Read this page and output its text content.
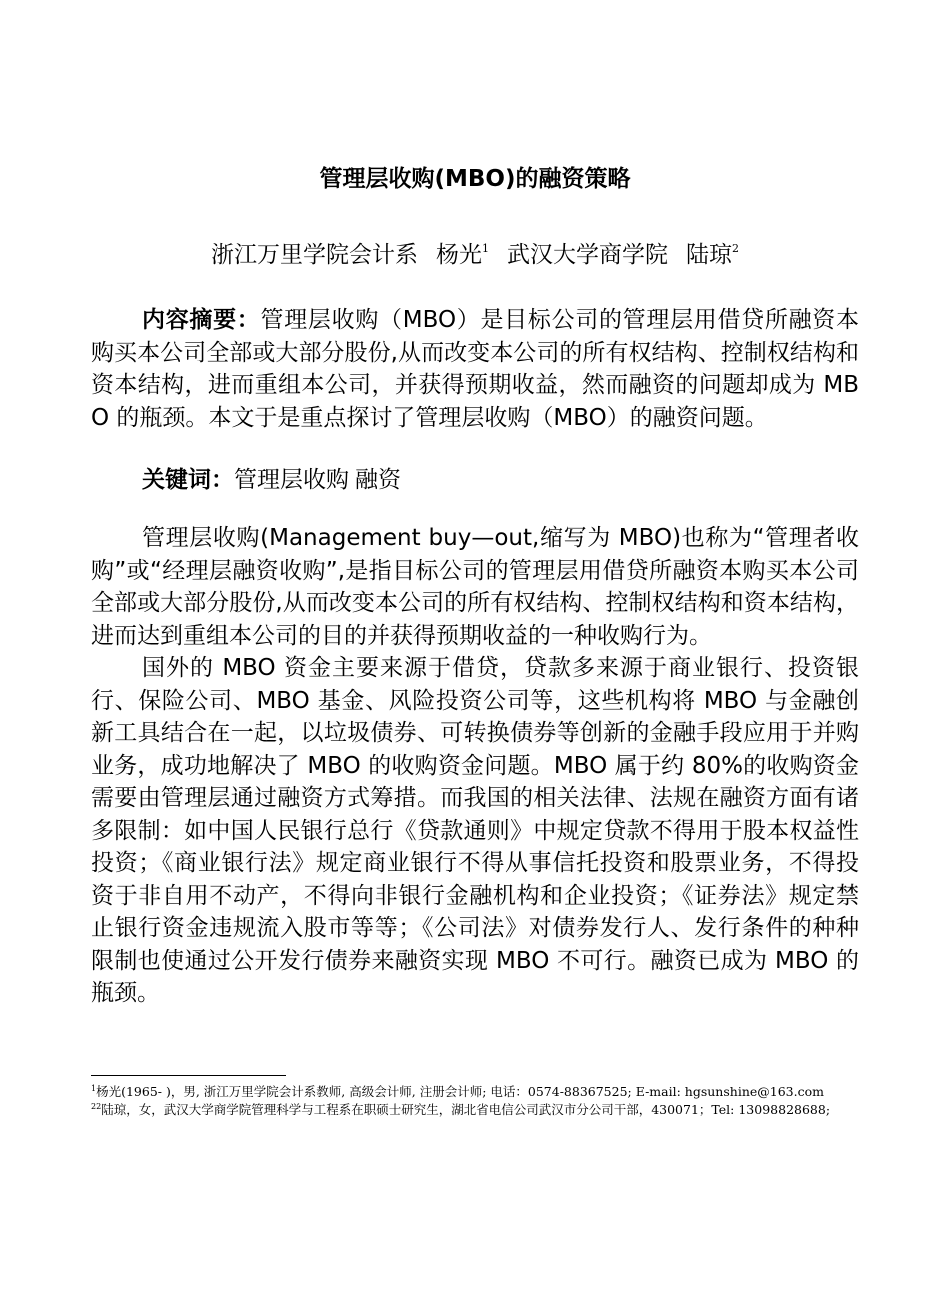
管理层收购(MBO)的融资策略
浙江万里学院会计系 杨光$^1$ 武汉大学商学院 陆琼$^2$

内容摘要：管理层收购（MBO）是目标公司的管理层用借贷所融资本购买本公司全部或大部分股份,从而改变本公司的所有权结构、控制权结构和资本结构，进而重组本公司，并获得预期收益，然而融资的问题却成为 MBO 的瓶颈。本文于是重点探讨了管理层收购（MBO）的融资问题。

关键词：管理层收购 融资

管理层收购(Management buy—out,缩写为 MBO)也称为“管理者收购”或“经理层融资收购”,是指目标公司的管理层用借贷所融资本购买本公司全部或大部分股份,从而改变本公司的所有权结构、控制权结构和资本结构，进而达到重组本公司的目的并获得预期收益的一种收购行为。

国外的 MBO 资金主要来源于借贷，贷款多来源于商业银行、投资银行、保险公司、MBO 基金、风险投资公司等，这些机构将 MBO 与金融创新工具结合在一起，以垃圾债券、可转换债券等创新的金融手段应用于并购业务，成功地解决了 MBO 的收购资金问题。MBO 属于约 80%的收购资金需要由管理层通过融资方式筹措。而我国的相关法律、法规在融资方面有诸多限制：如中国人民银行总行《贷款通则》中规定贷款不得用于股本权益性投资；《商业银行法》规定商业银行不得从事信托投资和股票业务，不得投资于非自用不动产，不得向非银行金融机构和企业投资；《证券法》规定禁止银行资金违规流入股市等等；《公司法》对债券发行人、发行条件的种种限制也使通过公开发行债券来融资实现 MBO 不可行。融资已成为 MBO 的瓶颈。

$^1$杨光(1965- )，男, 浙江万里学院会计系教师, 高级会计师, 注册会计师; 电话：0574-88367525; E-mail: hgsunshine@163.com

$^{22}$陆琼，女，武汉大学商学院管理科学与工程系在职硕士研究生，湖北省电信公司武汉市分公司干部，430071；Tel: 13098828688;
